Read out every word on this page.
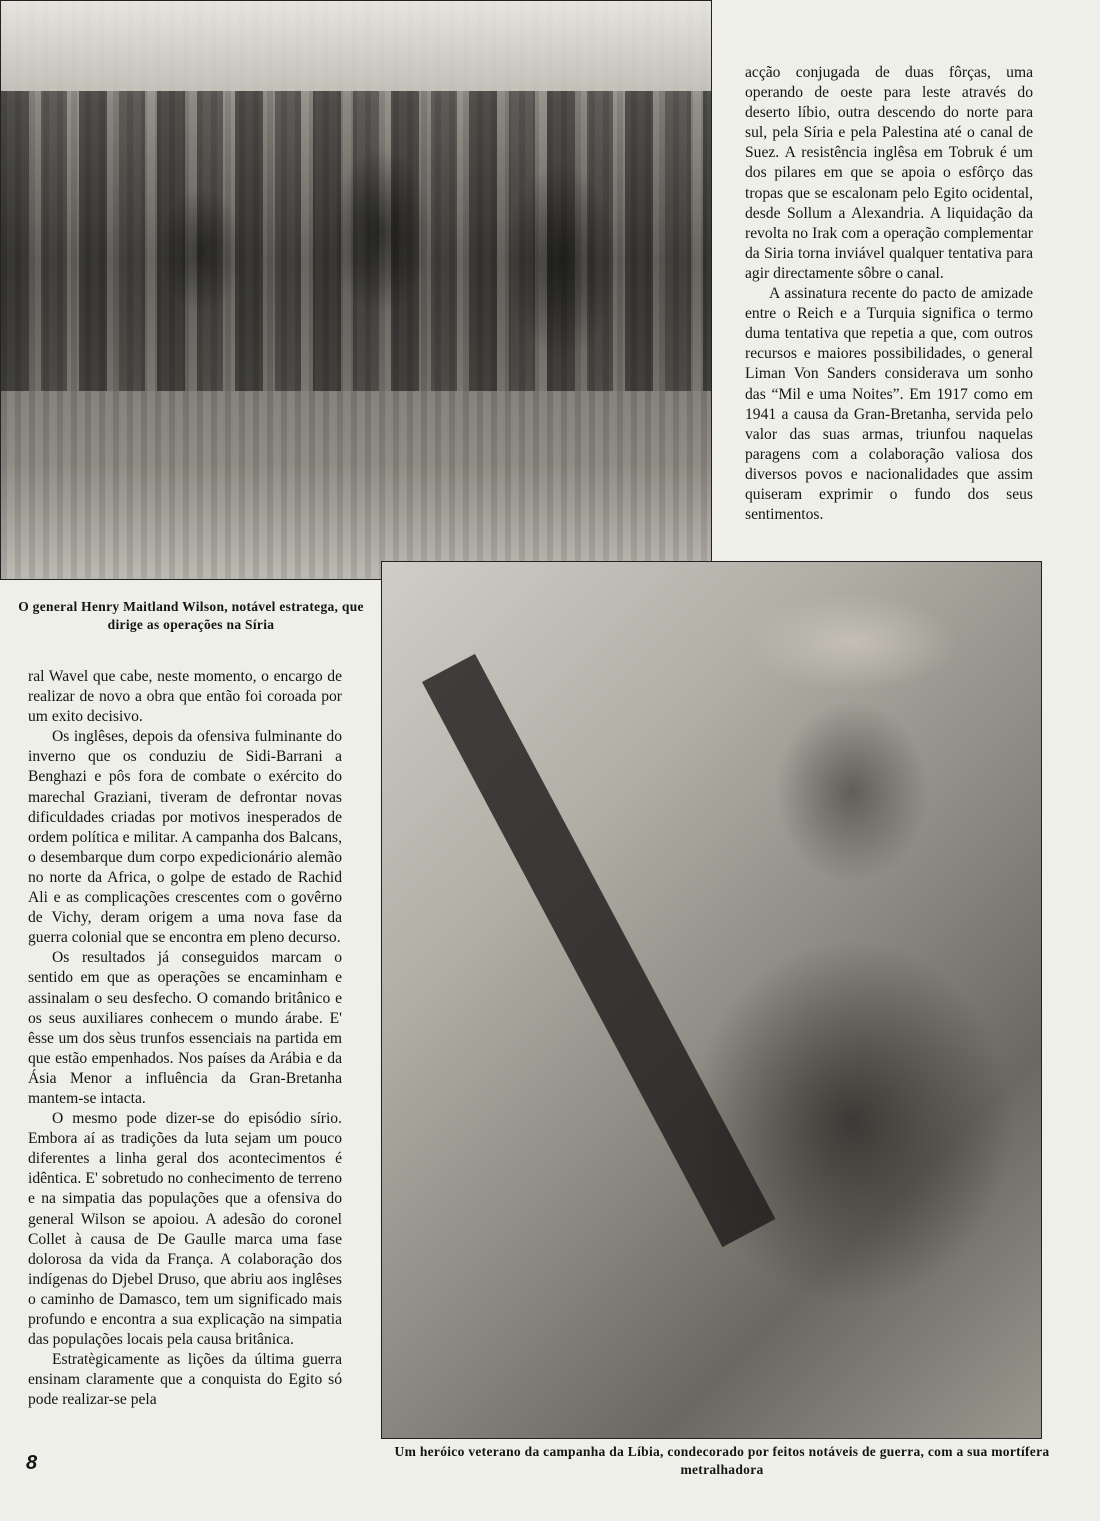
acção conjugada de duas fôrças, uma operando de oeste para leste através do deserto líbio, outra descendo do norte para sul, pela Síria e pela Palestina até o canal de Suez. A resistência inglêsa em Tobruk é um dos pilares em que se apoia o esfôrço das tropas que se escalonam pelo Egito ocidental, desde Sollum a Alexandria. A liquidação da revolta no Irak com a operação complementar da Siria torna inviável qualquer tentativa para agir directamente sôbre o canal.

A assinatura recente do pacto de amizade entre o Reich e a Turquia significa o termo duma tentativa que repetia a que, com outros recursos e maiores possibilidades, o general Liman Von Sanders considerava um sonho das “Mil e uma Noites”. Em 1917 como em 1941 a causa da Gran-Bretanha, servida pelo valor das suas armas, triunfou naquelas paragens com a colaboração valiosa dos diversos povos e nacionalidades que assim quiseram exprimir o fundo dos seus sentimentos.

O general Henry Maitland Wilson, notável estratega, que dirige as operações na Síria

ral Wavel que cabe, neste momento, o encargo de realizar de novo a obra que então foi coroada por um exito decisivo.

Os inglêses, depois da ofensiva fulminante do inverno que os conduziu de Sidi-Barrani a Benghazi e pôs fora de combate o exército do marechal Graziani, tiveram de defrontar novas dificuldades criadas por motivos inesperados de ordem política e militar. A campanha dos Balcans, o desembarque dum corpo expedicionário alemão no norte da Africa, o golpe de estado de Rachid Ali e as complicações crescentes com o govêrno de Vichy, deram origem a uma nova fase da guerra colonial que se encontra em pleno decurso.

Os resultados já conseguidos marcam o sentido em que as operações se encaminham e assinalam o seu desfecho. O comando britânico e os seus auxiliares conhecem o mundo árabe. E' êsse um dos sèus trunfos essenciais na partida em que estão empenhados. Nos países da Arábia e da Ásia Menor a influência da Gran-Bretanha mantem-se intacta.

O mesmo pode dizer-se do episódio sírio. Embora aí as tradições da luta sejam um pouco diferentes a linha geral dos acontecimentos é idêntica. E' sobretudo no conhecimento de terreno e na simpatia das populações que a ofensiva do general Wilson se apoiou. A adesão do coronel Collet à causa de De Gaulle marca uma fase dolorosa da vida da França. A colaboração dos indígenas do Djebel Druso, que abriu aos inglêses o caminho de Damasco, tem um significado mais profundo e encontra a sua explicação na simpatia das populações locais pela causa britânica.

Estratègicamente as lições da última guerra ensinam claramente que a conquista do Egito só pode realizar-se pela

Um heróico veterano da campanha da Líbia, condecorado por feitos notáveis de guerra, com a sua mortífera metralhadora
8
